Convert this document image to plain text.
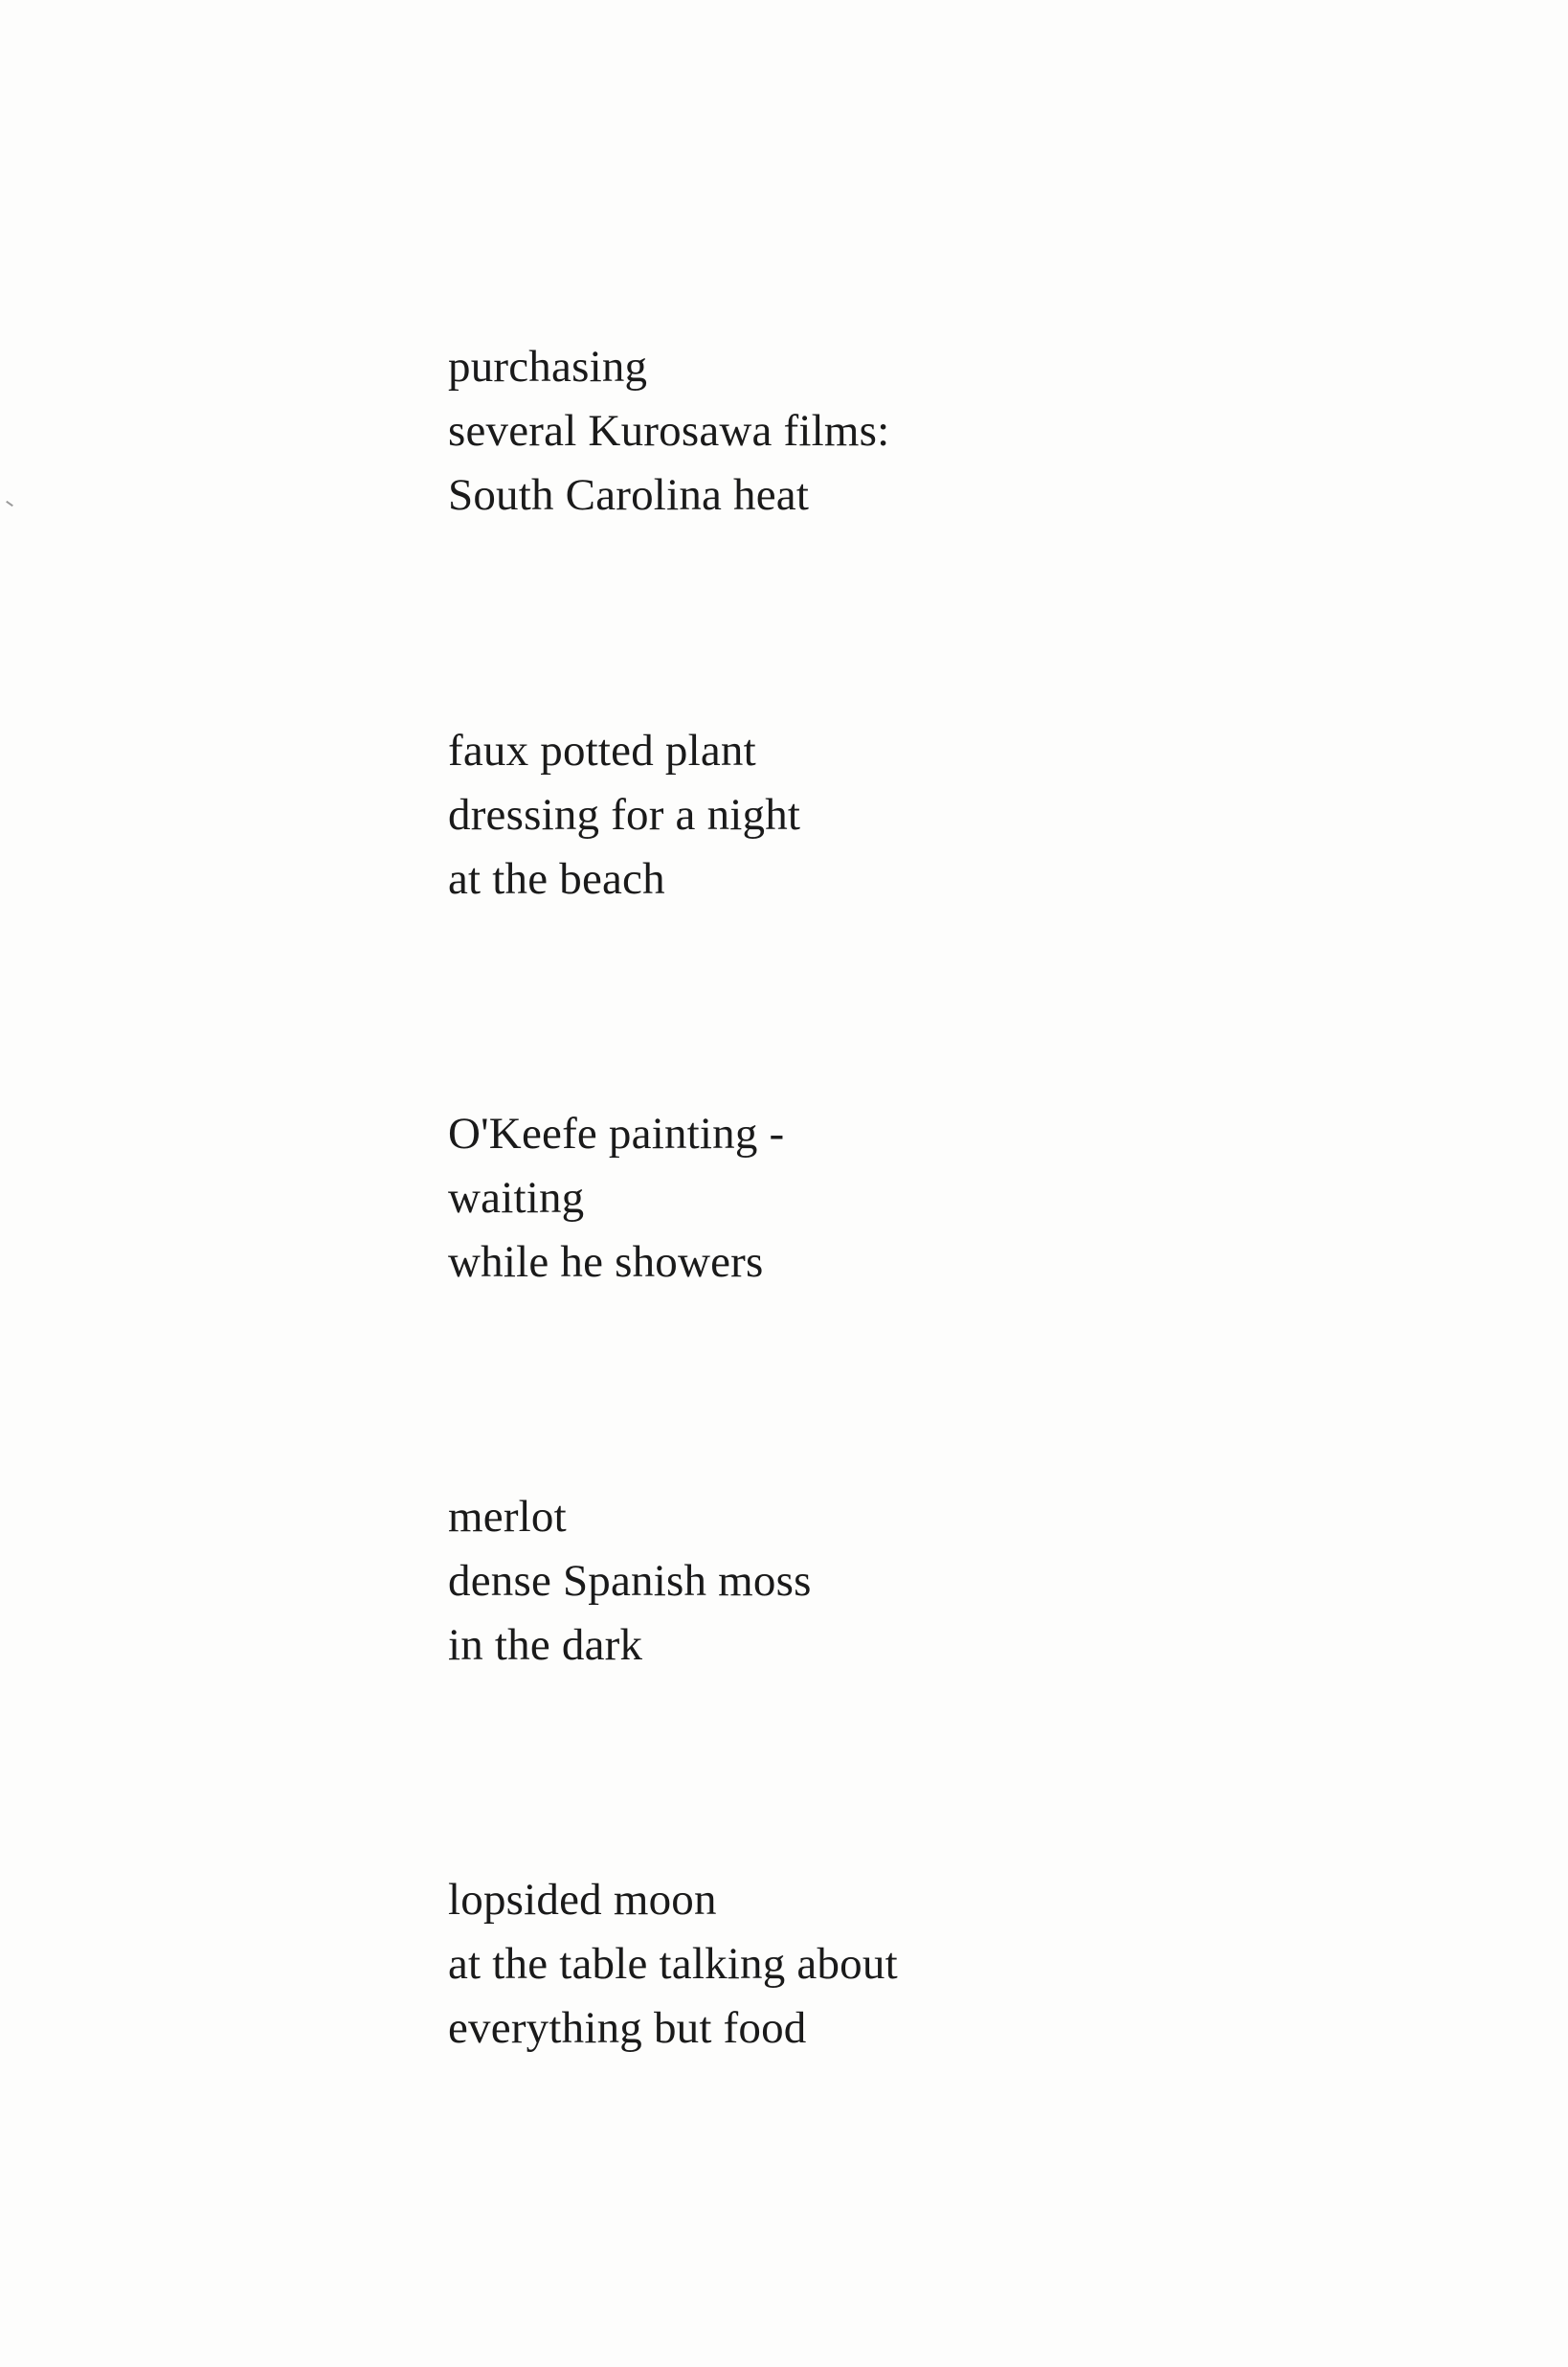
purchasing
several Kurosawa films:
South Carolina heat
faux potted plant
dressing for a night
at the beach
O'Keefe painting -
waiting
while he showers
merlot
dense Spanish moss
in the dark
lopsided moon
at the table talking about
everything but food
